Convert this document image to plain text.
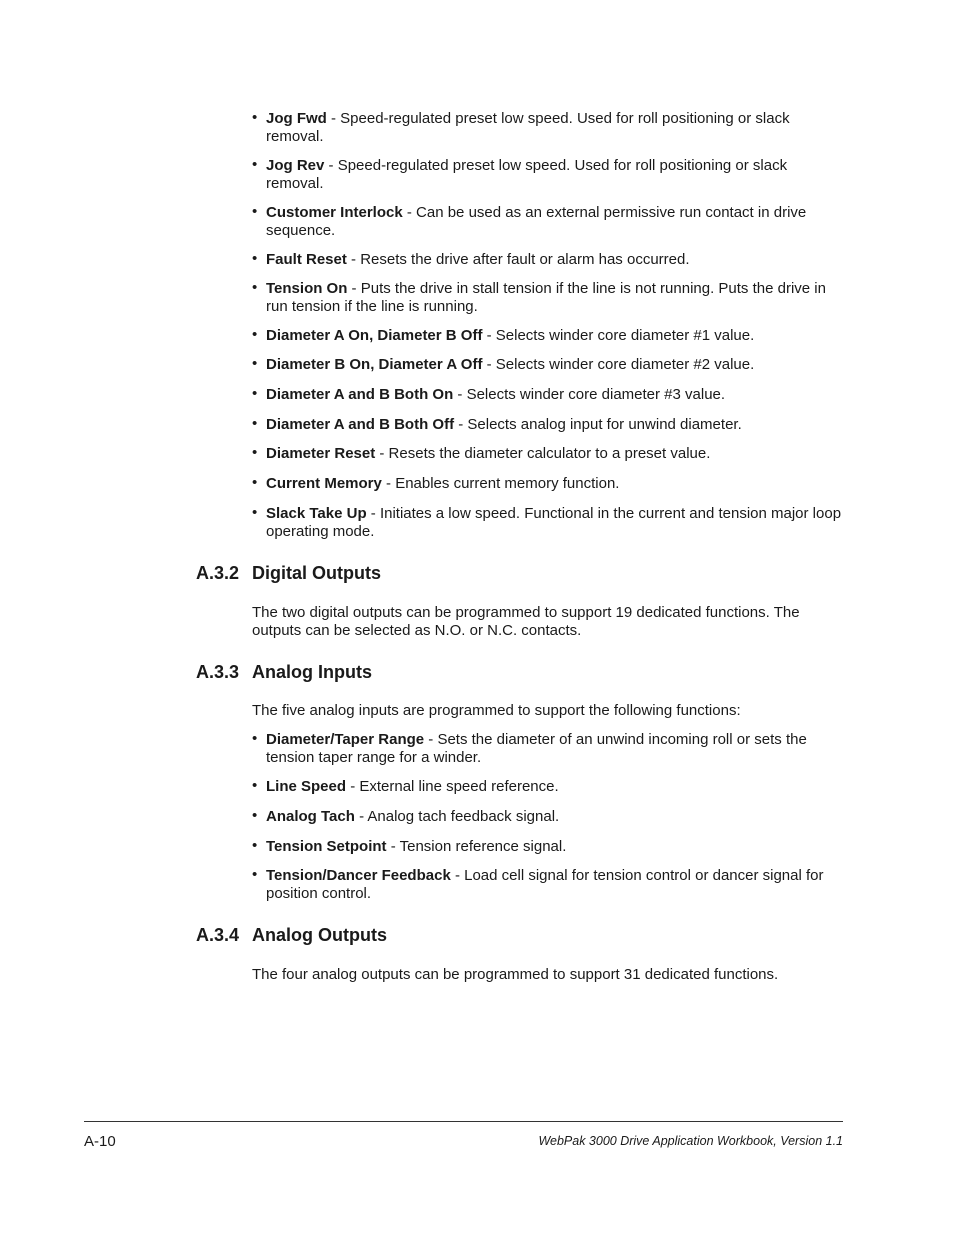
• Jog Fwd - Speed-regulated preset low speed. Used for roll positioning or slack removal.
• Jog Rev - Speed-regulated preset low speed. Used for roll positioning or slack removal.
• Customer Interlock - Can be used as an external permissive run contact in drive sequence.
• Fault Reset - Resets the drive after fault or alarm has occurred.
• Tension On - Puts the drive in stall tension if the line is not running. Puts the drive in run tension if the line is running.
• Diameter A On, Diameter B Off - Selects winder core diameter #1 value.
• Diameter B On, Diameter A Off - Selects winder core diameter #2 value.
• Diameter A and B Both On - Selects winder core diameter #3 value.
• Diameter A and B Both Off - Selects analog input for unwind diameter.
• Diameter Reset - Resets the diameter calculator to a preset value.
• Current Memory - Enables current memory function.
• Slack Take Up - Initiates a low speed. Functional in the current and tension major loop operating mode.
A.3.2 Digital Outputs

The two digital outputs can be programmed to support 19 dedicated functions. The outputs can be selected as N.O. or N.C. contacts.

A.3.3 Analog Inputs

The five analog inputs are programmed to support the following functions:

• Diameter/Taper Range - Sets the diameter of an unwind incoming roll or sets the tension taper range for a winder.
• Line Speed - External line speed reference.
• Analog Tach - Analog tach feedback signal.
• Tension Setpoint - Tension reference signal.
• Tension/Dancer Feedback - Load cell signal for tension control or dancer signal for position control.
A.3.4 Analog Outputs

The four analog outputs can be programmed to support 31 dedicated functions.

A-10	WebPak 3000 Drive Application Workbook, Version 1.1
